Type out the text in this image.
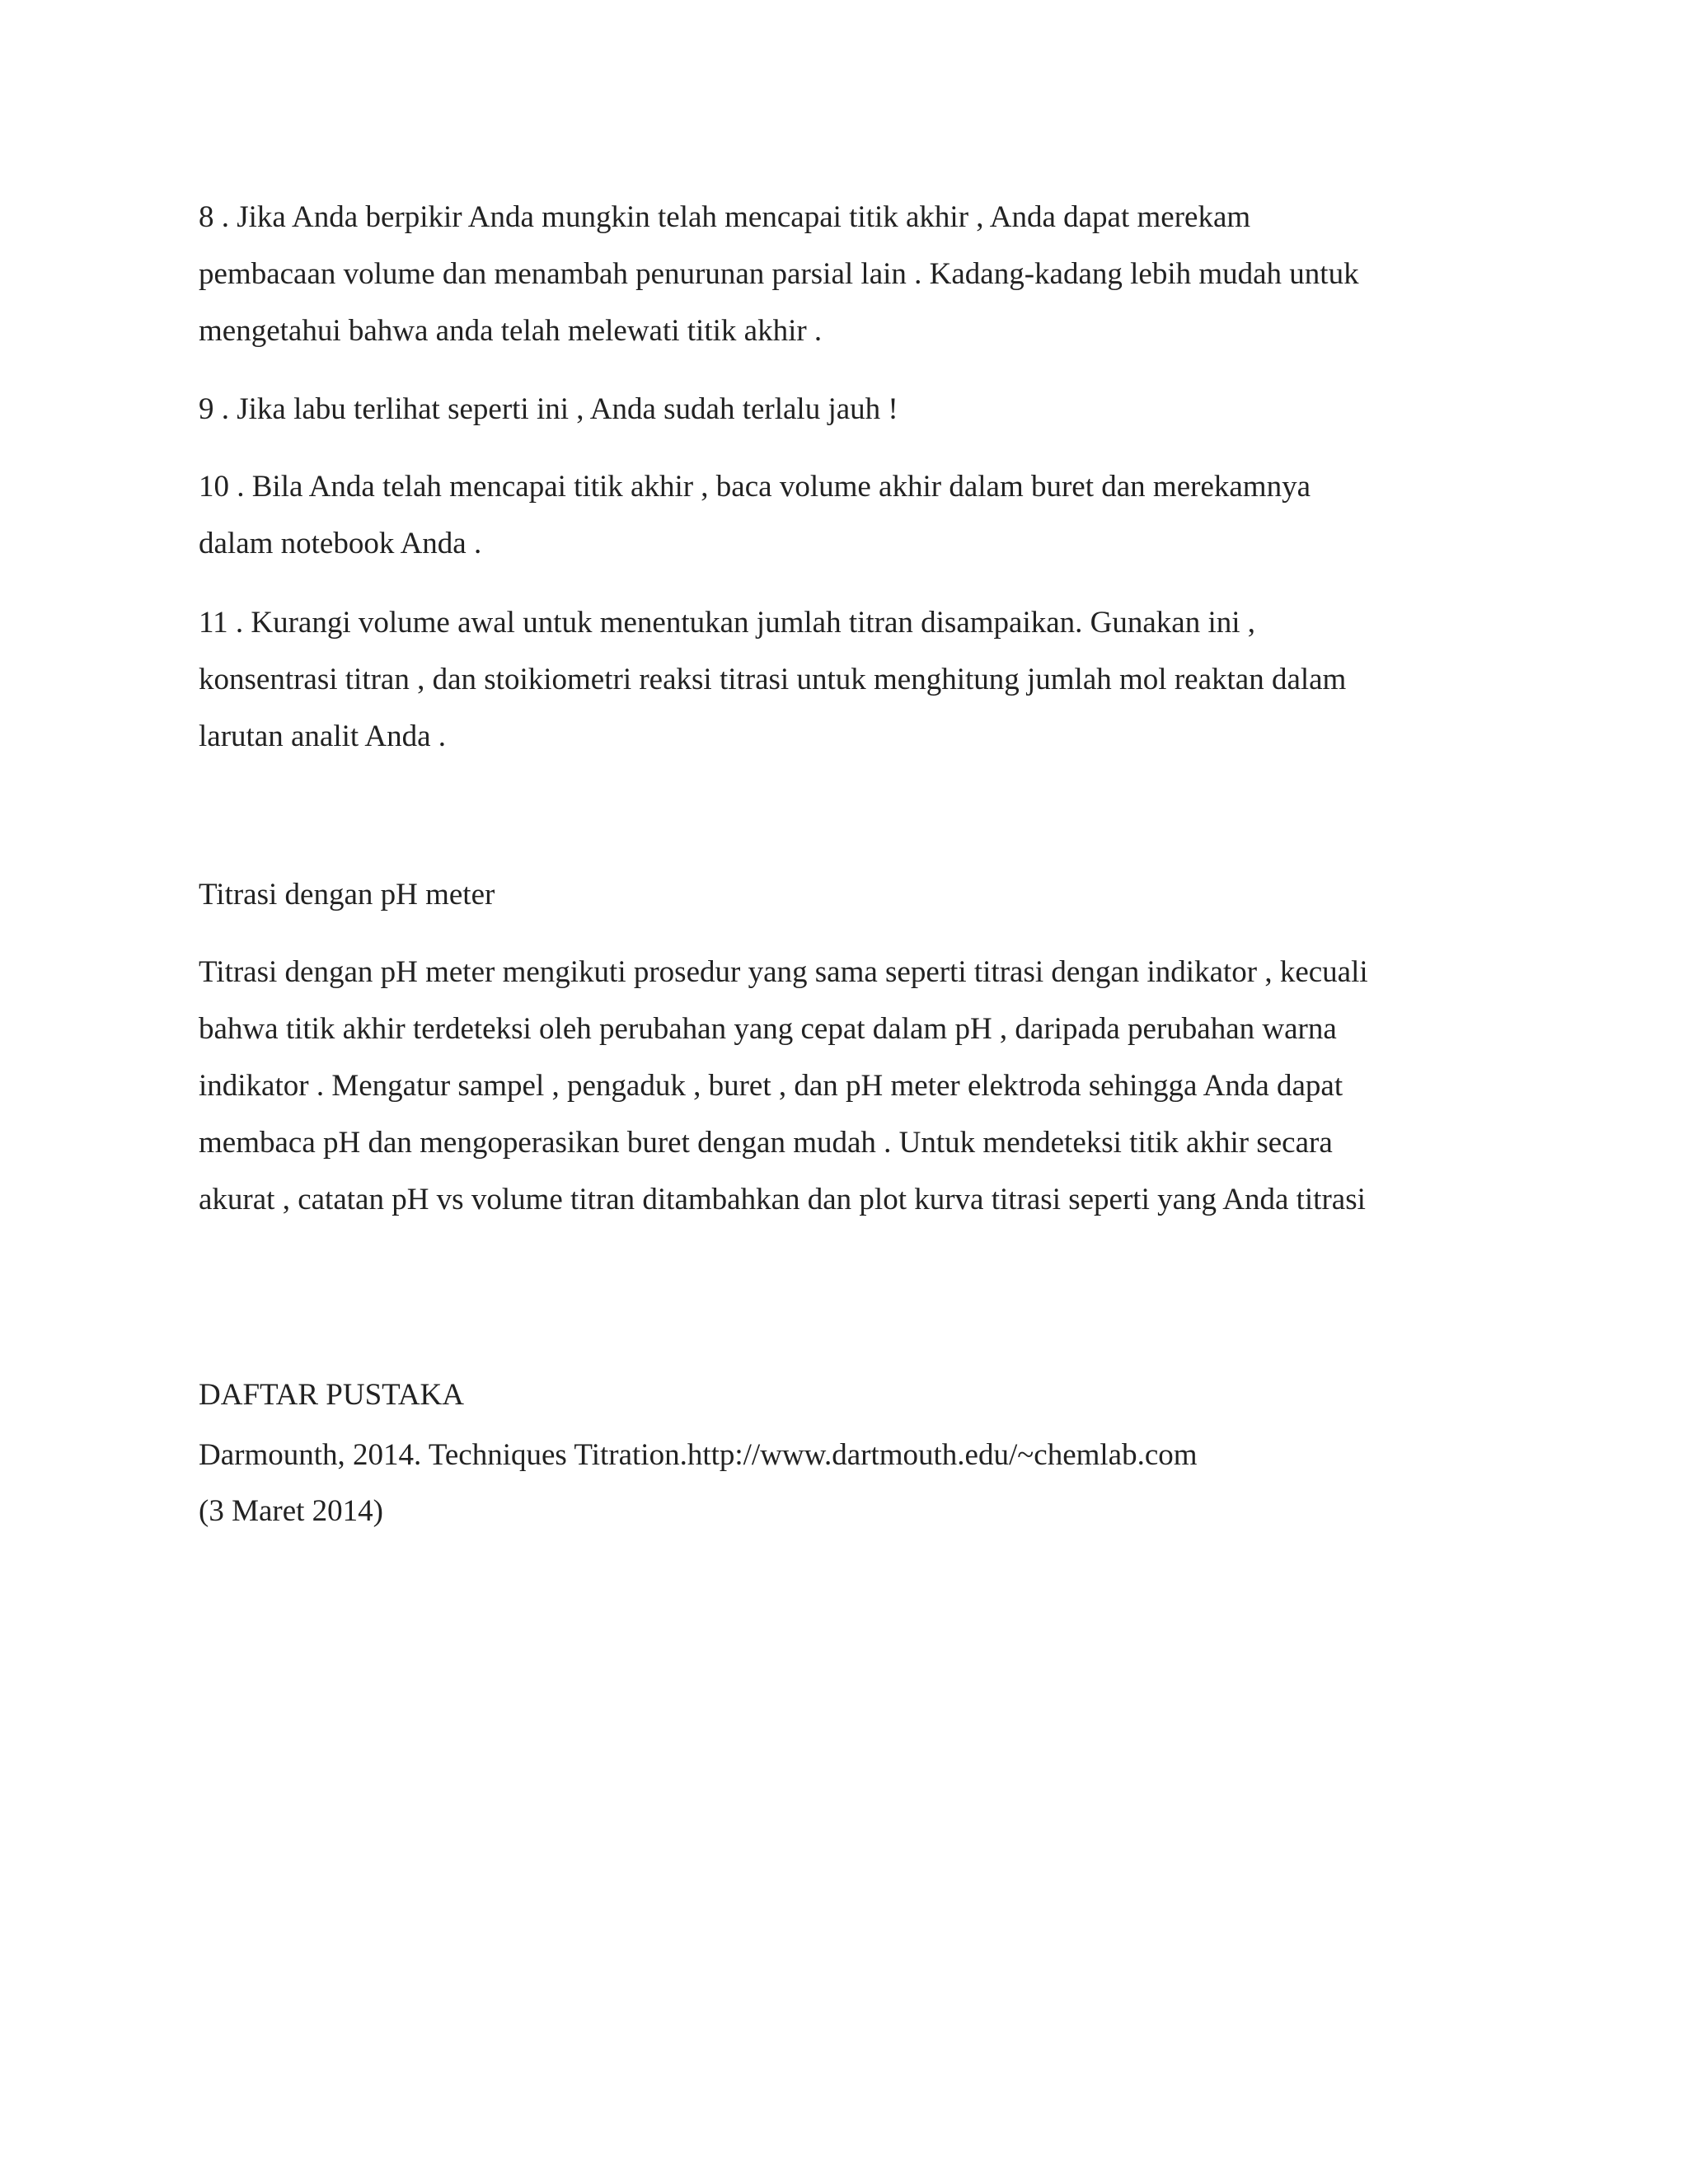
8 . Jika Anda berpikir Anda mungkin telah mencapai titik akhir , Anda dapat merekam
pembacaan volume dan menambah penurunan parsial lain . Kadang-kadang lebih mudah untuk
mengetahui bahwa anda telah melewati titik akhir .
9 . Jika labu terlihat seperti ini , Anda sudah terlalu jauh !
10 . Bila Anda telah mencapai titik akhir , baca volume akhir dalam buret dan merekamnya
dalam notebook Anda .
11 . Kurangi volume awal untuk menentukan jumlah titran disampaikan. Gunakan ini ,
konsentrasi titran , dan stoikiometri reaksi titrasi untuk menghitung jumlah mol reaktan dalam
larutan analit Anda .
Titrasi dengan pH meter
Titrasi dengan pH meter mengikuti prosedur yang sama seperti titrasi dengan indikator , kecuali
bahwa titik akhir terdeteksi oleh perubahan yang cepat dalam pH , daripada perubahan warna
indikator . Mengatur sampel , pengaduk , buret , dan pH meter elektroda sehingga Anda dapat
membaca pH dan mengoperasikan buret dengan mudah . Untuk mendeteksi titik akhir secara
akurat , catatan pH vs volume titran ditambahkan dan plot kurva titrasi seperti yang Anda titrasi
DAFTAR PUSTAKA
Darmounth, 2014. Techniques Titration.http://www.dartmouth.edu/~chemlab.com
(3 Maret 2014)
